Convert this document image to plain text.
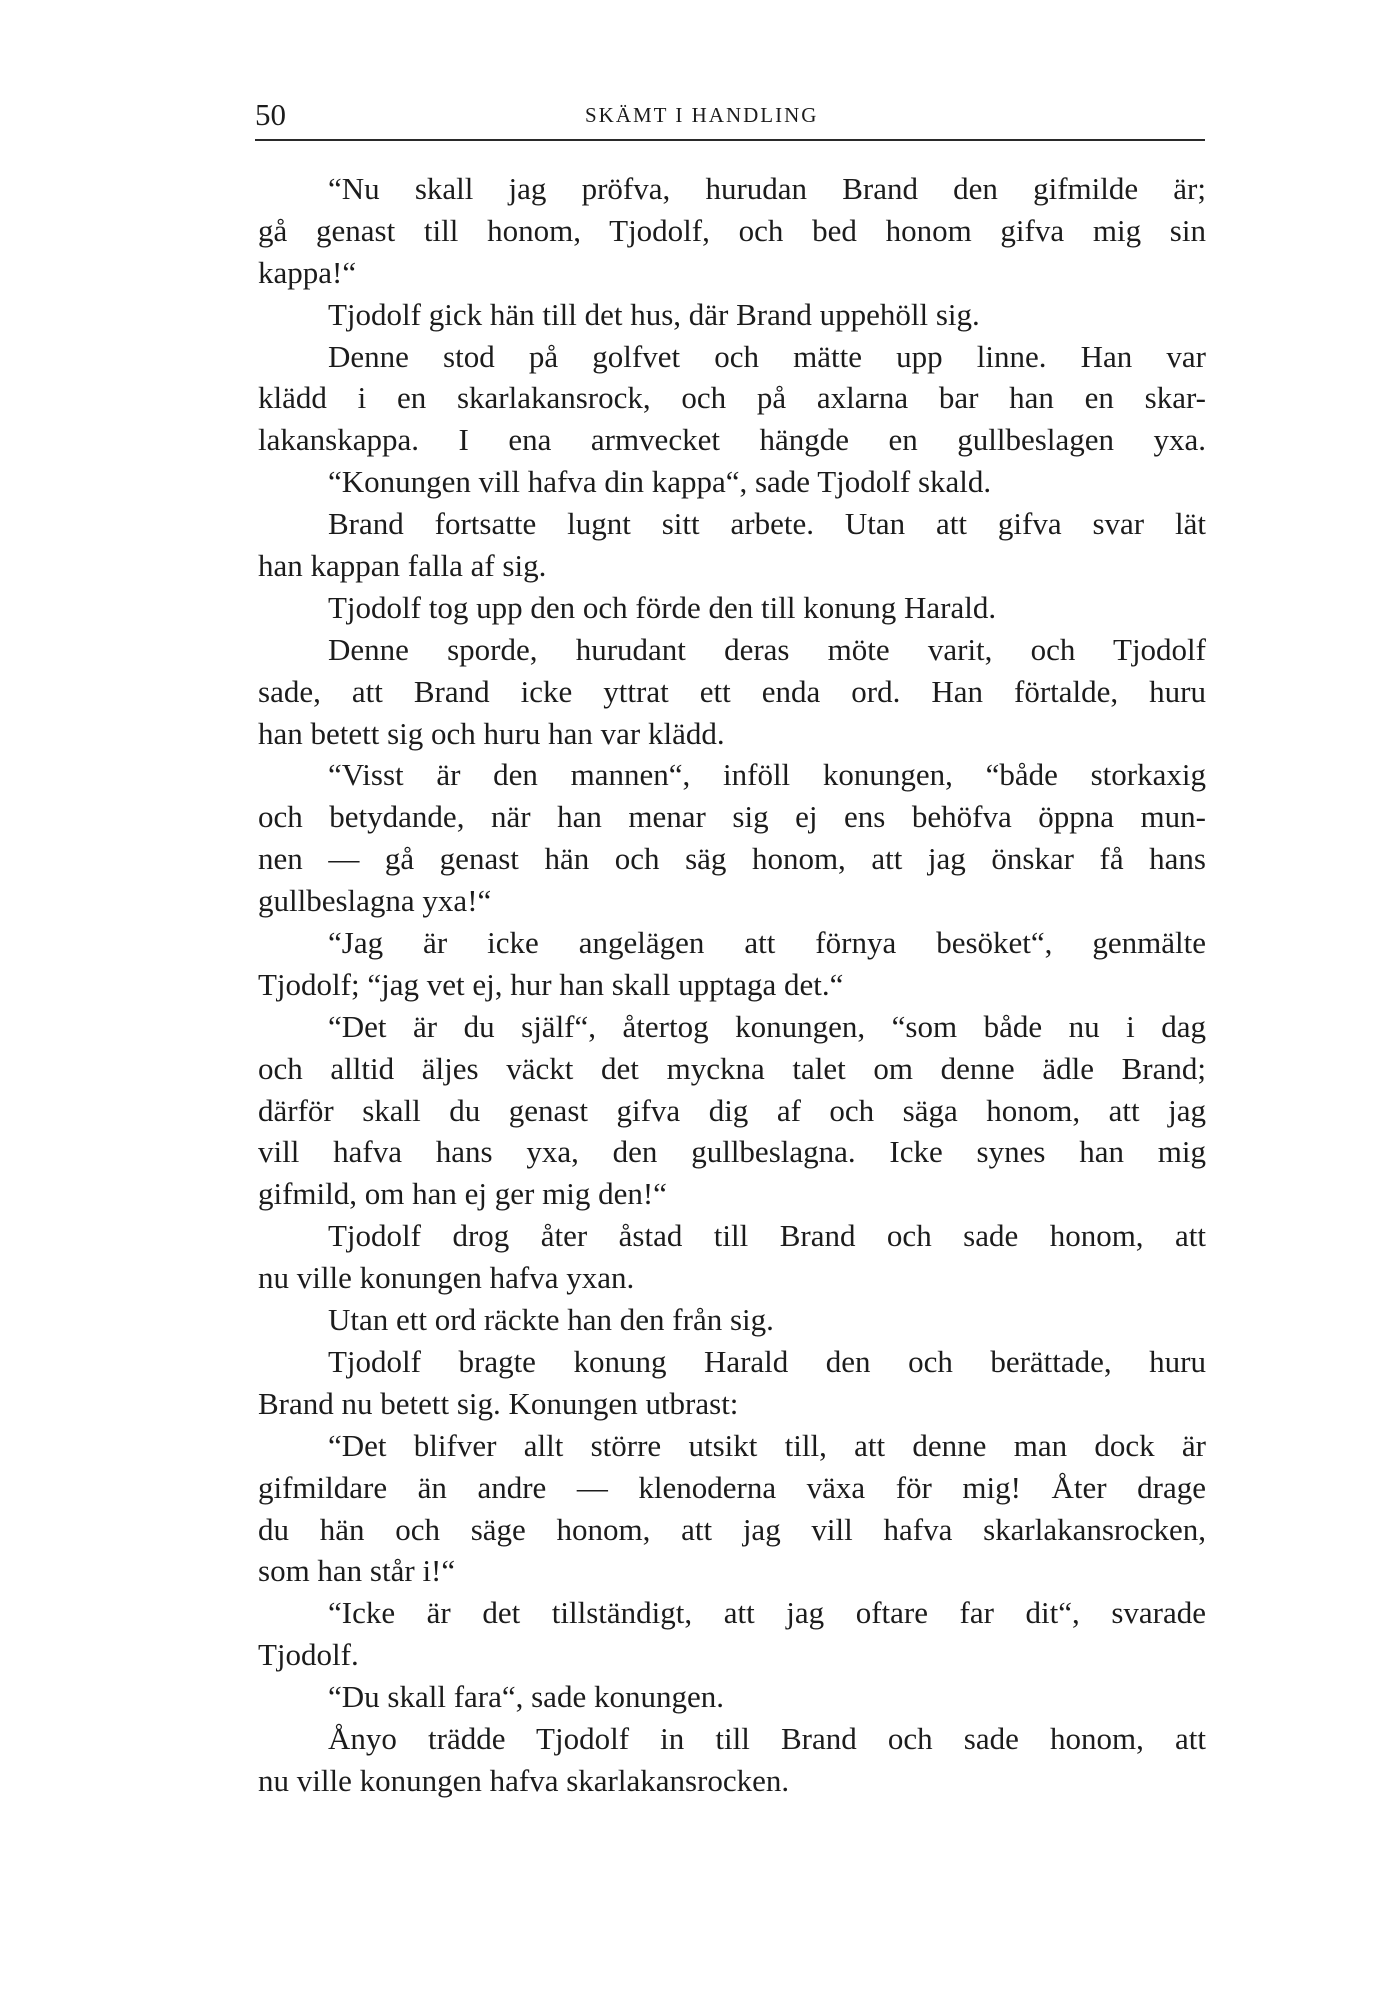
50	SKÄMT I HANDLING
“Nu skall jag pröfva, hurudan Brand den gifmilde är;
gå genast till honom, Tjodolf, och bed honom gifva mig sin
kappa!“
Tjodolf gick hän till det hus, där Brand uppehöll sig.
Denne stod på golfvet och mätte upp linne. Han var
klädd i en skarlakansrock, och på axlarna bar han en skar-
lakanskappa. I ena armvecket hängde en gullbeslagen yxa.
“Konungen vill hafva din kappa“, sade Tjodolf skald.
Brand fortsatte lugnt sitt arbete. Utan att gifva svar lät
han kappan falla af sig.
Tjodolf tog upp den och förde den till konung Harald.
Denne sporde, hurudant deras möte varit, och Tjodolf
sade, att Brand icke yttrat ett enda ord. Han förtalde, huru
han betett sig och huru han var klädd.
“Visst är den mannen“, inföll konungen, “både storkaxig
och betydande, när han menar sig ej ens behöfva öppna mun-
nen — gå genast hän och säg honom, att jag önskar få hans
gullbeslagna yxa!“
“Jag är icke angelägen att förnya besöket“, genmälte
Tjodolf; “jag vet ej, hur han skall upptaga det.“
“Det är du själf“, återtog konungen, “som både nu i dag
och alltid äljes väckt det myckna talet om denne ädle Brand;
därför skall du genast gifva dig af och säga honom, att jag
vill hafva hans yxa, den gullbeslagna. Icke synes han mig
gifmild, om han ej ger mig den!“
Tjodolf drog åter åstad till Brand och sade honom, att
nu ville konungen hafva yxan.
Utan ett ord räckte han den från sig.
Tjodolf bragte konung Harald den och berättade, huru
Brand nu betett sig. Konungen utbrast:
“Det blifver allt större utsikt till, att denne man dock är
gifmildare än andre — klenoderna växa för mig! Åter drage
du hän och säge honom, att jag vill hafva skarlakansrocken,
som han står i!“
“Icke är det tillständigt, att jag oftare far dit“, svarade
Tjodolf.
“Du skall fara“, sade konungen.
Ånyo trädde Tjodolf in till Brand och sade honom, att
nu ville konungen hafva skarlakansrocken.
